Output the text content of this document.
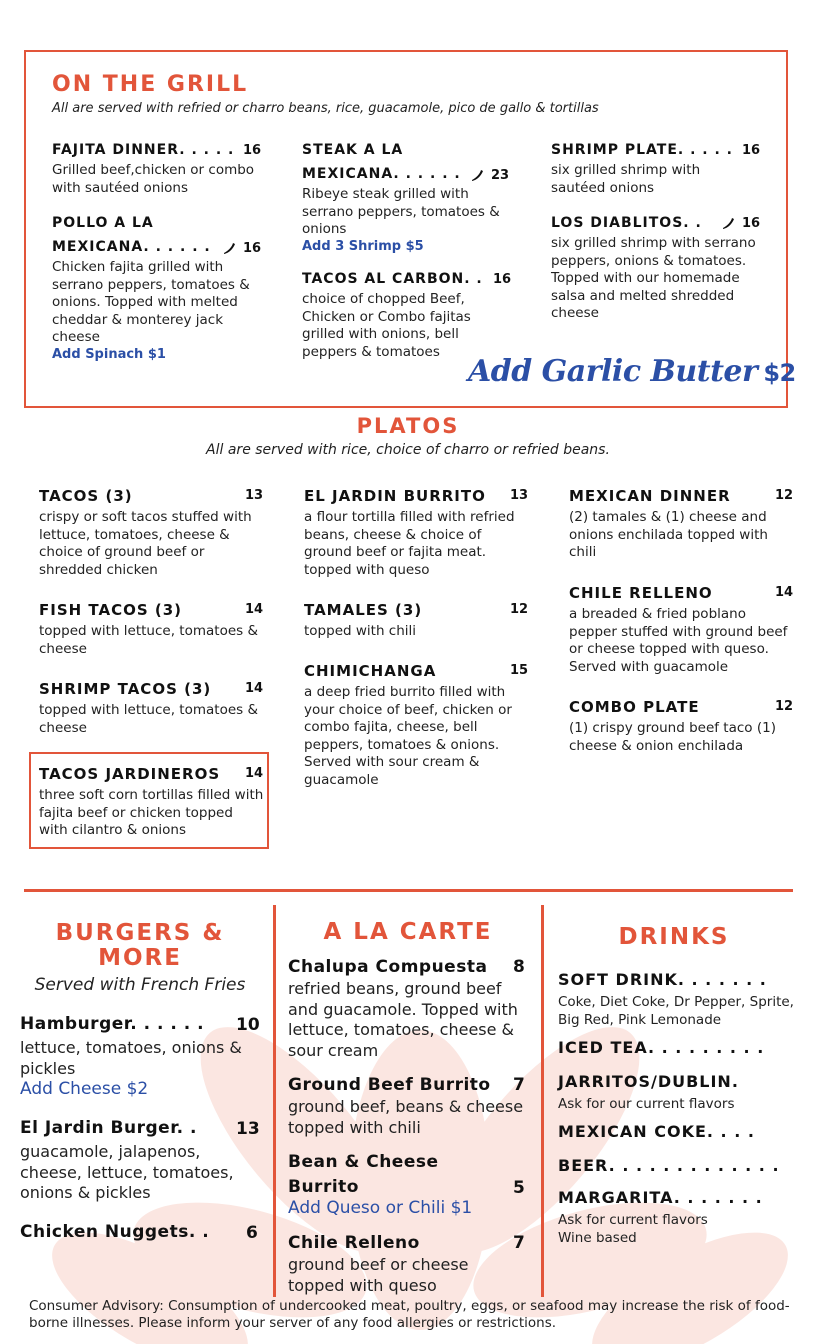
ON THE GRILL
All are served with refried or charro beans, rice, guacamole, pico de gallo & tortillas
FAJITA DINNER. . . . . 16
Grilled beef,chicken or combo with sautéed onions
POLLO A LA
MEXICANA. . . . . .	16
Chicken fajita grilled with serrano peppers, tomatoes & onions. Topped with melted cheddar & monterey jack cheese
Add Spinach $1
STEAK A LA
MEXICANA. . . . . .	23
Ribeye steak grilled with serrano peppers, tomatoes & onions
Add 3 Shrimp $5
TACOS AL CARBON. . 16
choice of chopped Beef, Chicken or Combo fajitas grilled with onions, bell peppers & tomatoes
SHRIMP PLATE. . . . . 16
six grilled shrimp with sautéed onions
LOS DIABLITOS. .	16
six grilled shrimp with serrano peppers, onions & tomatoes. Topped with our homemade salsa and melted shredded cheese
Add Garlic Butter $2
PLATOS
All are served with rice, choice of charro or refried beans.
TACOS (3)	13
crispy or soft tacos stuffed with lettuce, tomatoes, cheese & choice of ground beef or shredded chicken
FISH TACOS (3)	14
topped with lettuce, tomatoes & cheese
SHRIMP TACOS (3)	14
topped with lettuce, tomatoes & cheese
TACOS JARDINEROS	14
three soft corn tortillas filled with fajita beef or chicken topped with cilantro & onions
EL JARDIN BURRITO	13
a flour tortilla filled with refried beans, cheese & choice of ground beef or fajita meat. topped with queso
TAMALES (3)	12
topped with chili
CHIMICHANGA	15
a deep fried burrito filled with your choice of beef, chicken or combo fajita, cheese, bell peppers, tomatoes & onions. Served with sour cream & guacamole
MEXICAN DINNER	12
(2) tamales & (1) cheese and onions enchilada topped with chili
CHILE RELLENO	14
a breaded & fried poblano pepper stuffed with ground beef or cheese topped with queso. Served with guacamole
COMBO PLATE	12
(1) crispy ground beef taco (1) cheese & onion enchilada
BURGERS &
MORE
Served with French Fries
Hamburger. . . . . .	10
lettuce, tomatoes, onions & pickles
Add Cheese $2
El Jardin Burger. .	13
guacamole, jalapenos, cheese, lettuce, tomatoes, onions & pickles
Chicken Nuggets. .	6
A LA CARTE
Chalupa Compuesta	8
refried beans, ground beef and guacamole. Topped with lettuce, tomatoes, cheese & sour cream
Ground Beef Burrito	7
ground beef, beans & cheese topped with chili
Bean & Cheese
Burrito	5
Add Queso or Chili $1
Chile Relleno	7
ground beef or cheese topped with queso
DRINKS
SOFT DRINK. . . . . . .
Coke, Diet Coke, Dr Pepper, Sprite, Big Red, Pink Lemonade
ICED TEA. . . . . . . . .
JARRITOS/DUBLIN.
Ask for our current flavors
MEXICAN COKE. . . .
BEER. . . . . . . . . . . . .
MARGARITA. . . . . . .
Ask for current flavors Wine based
Consumer Advisory: Consumption of undercooked meat, poultry, eggs, or seafood may increase the risk of food-borne illnesses. Please inform your server of any food allergies or restrictions.
